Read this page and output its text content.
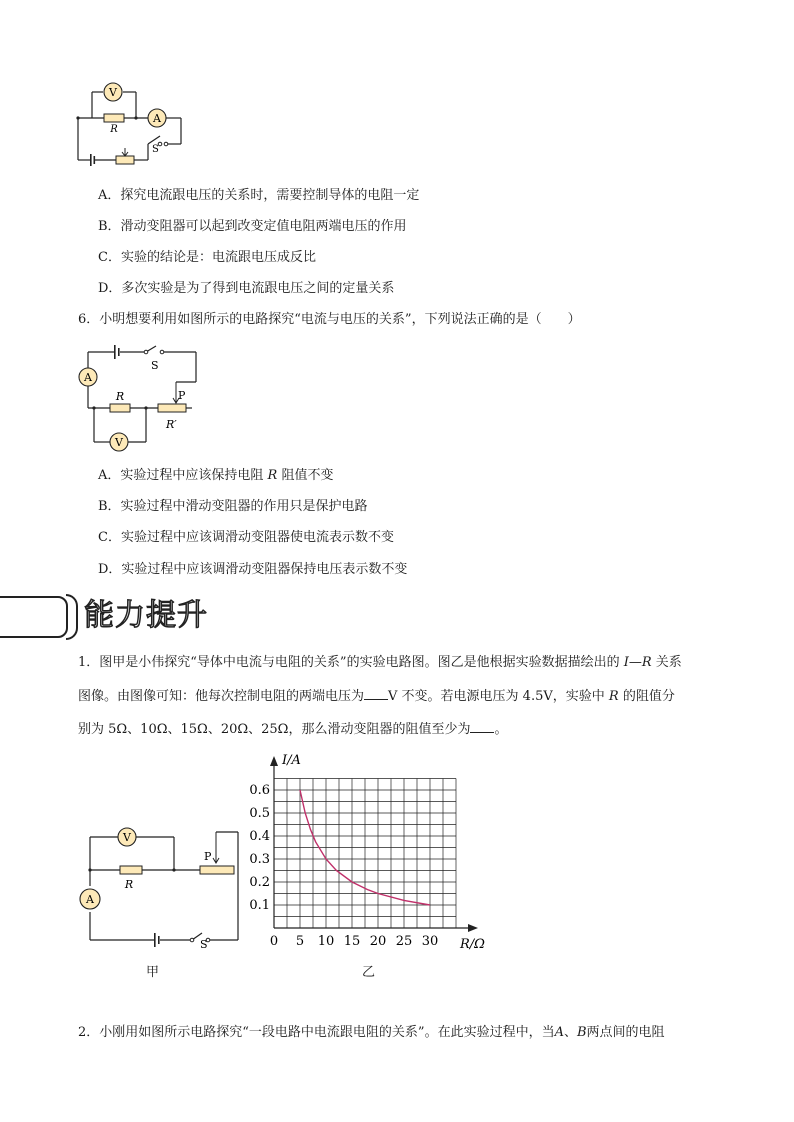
V
A
R
S
A．探究电流跟电压的关系时，需要控制导体的电阻一定
B．滑动变阻器可以起到改变定值电阻两端电压的作用
C．实验的结论是：电流跟电压成反比
D．多次实验是为了得到电流跟电压之间的定量关系
6．小明想要利用如图所示的电路探究“电流与电压的关系”，下列说法正确的是（　　）
A
V
S
R	P
R′
A．实验过程中应该保持电阻 R 阻值不变
B．实验过程中滑动变阻器的作用只是保护电路
C．实验过程中应该调滑动变阻器使电流表示数不变
D．实验过程中应该调滑动变阻器保持电压表示数不变
能力提升
1．图甲是小伟探究“导体中电流与电阻的关系”的实验电路图。图乙是他根据实验数据描绘出的 I—R 关系
图像。由图像可知：他每次控制电阻的两端电压为 V 不变。若电源电压为 4.5V，实验中 R 的阻值分
别为 5Ω、10Ω、15Ω、20Ω、25Ω，那么滑动变阻器的阻值至少为 。
V
A
R
P
S
甲
0 5 10 15 20 25 30
0.1
0.2
0.3
0.4
0.5
0.6
I/A
R/Ω
乙
2．小刚用如图所示电路探究“一段电路中电流跟电阻的关系”。在此实验过程中，当A、B两点间的电阻
